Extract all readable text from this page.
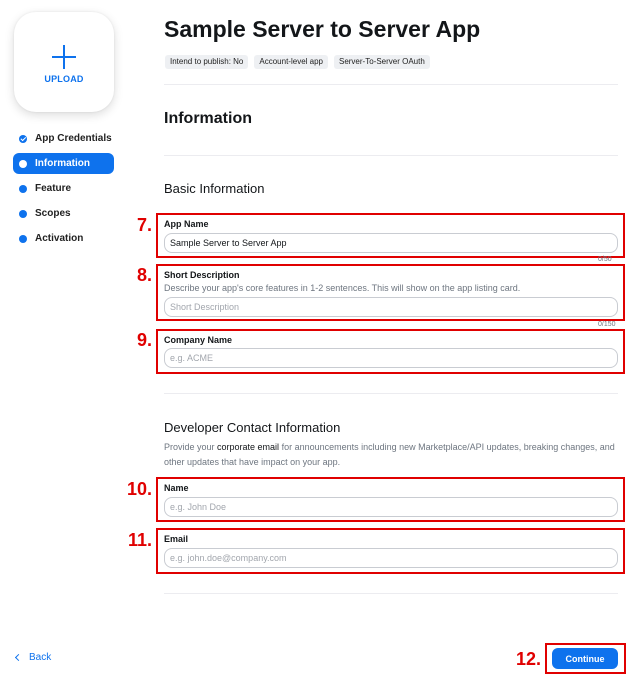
UPLOAD
App Credentials
Information
Feature
Scopes
Activation
Back
Sample Server to Server App
Intend to publish: No	Account-level app	Server-To-Server OAuth
Information
Basic Information
7. App Name
Sample Server to Server App
0/50
8. Short Description
Describe your app's core features in 1-2 sentences. This will show on the app listing card.
Short Description
0/150
9. Company Name
e.g. ACME
Developer Contact Information
Provide your corporate email for announcements including new Marketplace/API updates, breaking changes, and other updates that have impact on your app.
10. Name
e.g. John Doe
11. Email
e.g. john.doe@company.com
12.	Continue
